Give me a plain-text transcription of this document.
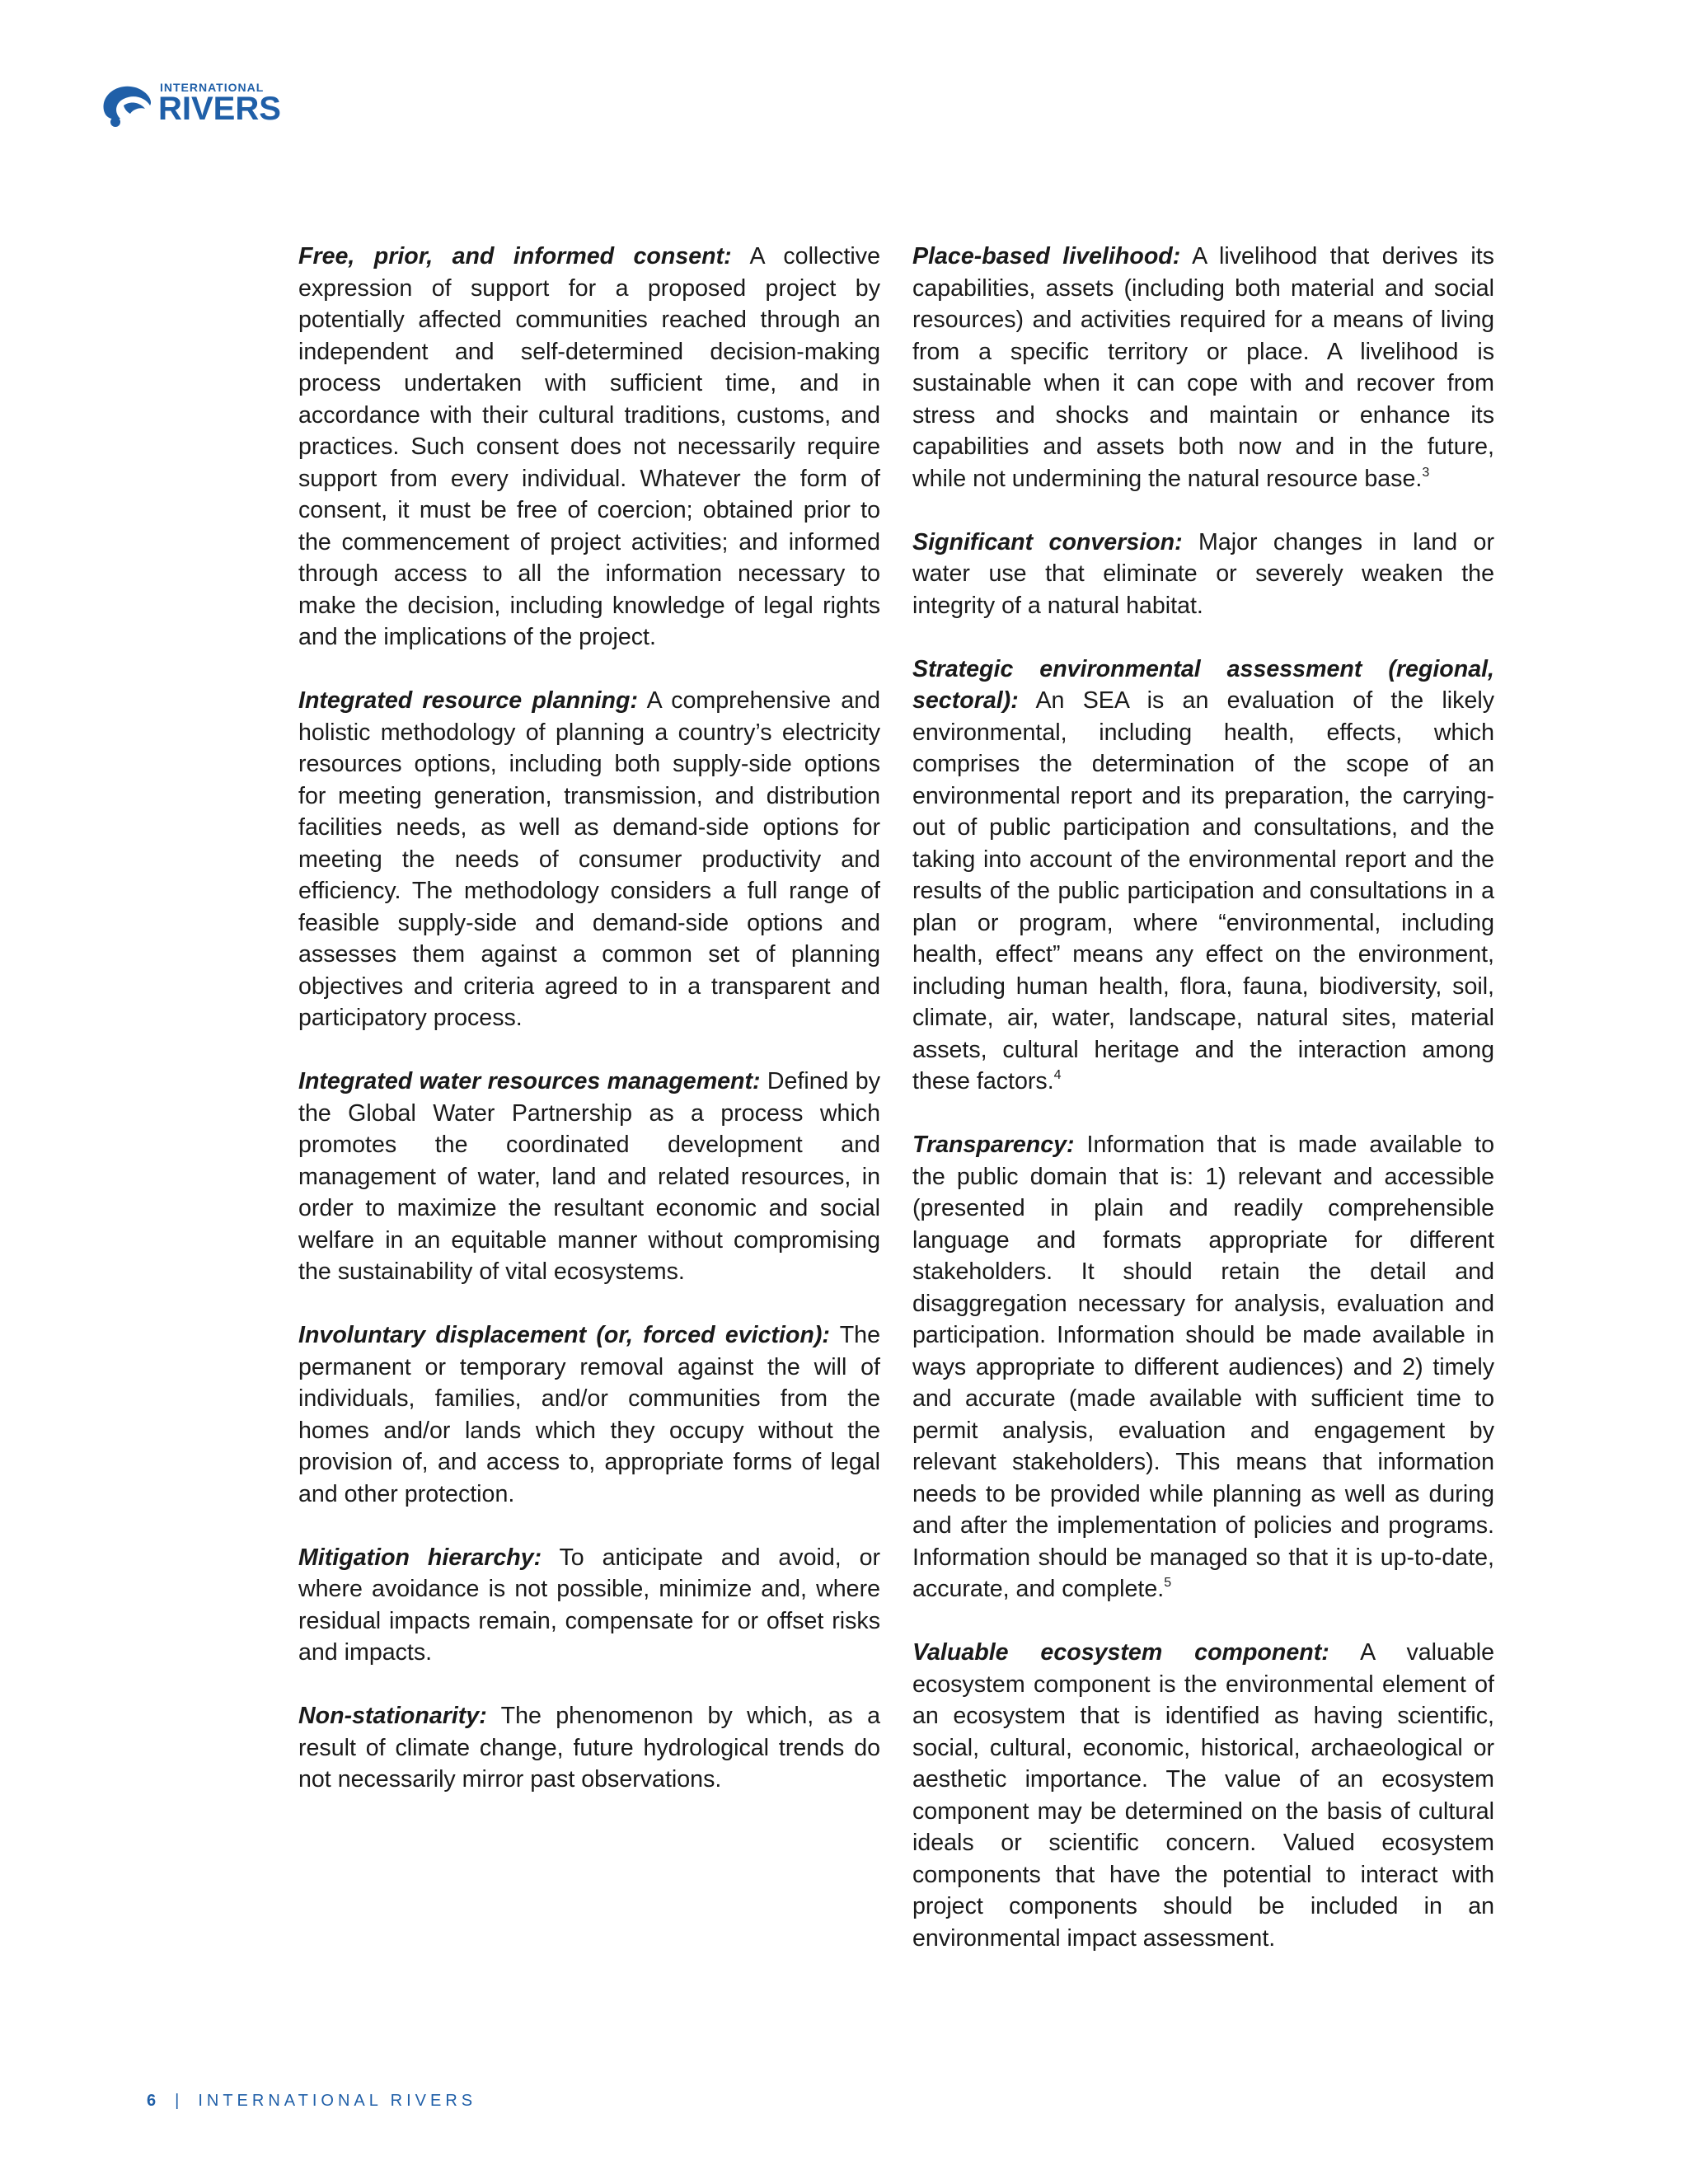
INTERNATIONAL
RIVERS

Free, prior, and informed consent: A collective expression of support for a proposed project by potentially affected communities reached through an independent and self-determined decision-making process undertaken with sufficient time, and in accordance with their cultural traditions, customs, and practices. Such consent does not necessarily require support from every individual. Whatever the form of consent, it must be free of coercion; obtained prior to the commencement of project activities; and informed through access to all the information necessary to make the decision, including knowledge of legal rights and the implications of the project.

Integrated resource planning: A comprehensive and holistic methodology of planning a country’s electricity resources options, including both supply-side options for meeting generation, transmission, and distribution facilities needs, as well as demand-side options for meeting the needs of consumer productivity and efficiency. The methodology considers a full range of feasible supply-side and demand-side options and assesses them against a common set of planning objectives and criteria agreed to in a transparent and participatory process.

Integrated water resources management: Defined by the Global Water Partnership as a process which promotes the coordinated development and management of water, land and related resources, in order to maximize the resultant economic and social welfare in an equitable manner without compromising the sustainability of vital ecosystems.

Involuntary displacement (or, forced eviction): The permanent or temporary removal against the will of individuals, families, and/or communities from the homes and/or lands which they occupy without the provision of, and access to, appropriate forms of legal and other protection.

Mitigation hierarchy: To anticipate and avoid, or where avoidance is not possible, minimize and, where residual impacts remain, compensate for or offset risks and impacts.

Non-stationarity: The phenomenon by which, as a result of climate change, future hydrological trends do not necessarily mirror past observations.

Place-based livelihood: A livelihood that derives its capabilities, assets (including both material and social resources) and activities required for a means of living from a specific territory or place. A livelihood is sustainable when it can cope with and recover from stress and shocks and maintain or enhance its capabilities and assets both now and in the future, while not undermining the natural resource base.$^3$

Significant conversion: Major changes in land or water use that eliminate or severely weaken the integrity of a natural habitat.

Strategic environmental assessment (regional, sectoral): An SEA is an evaluation of the likely environmental, including health, effects, which comprises the determination of the scope of an environmental report and its preparation, the carrying-out of public participation and consultations, and the taking into account of the environmental report and the results of the public participation and consultations in a plan or program, where “environmental, including health, effect” means any effect on the environment, including human health, flora, fauna, biodiversity, soil, climate, air, water, landscape, natural sites, material assets, cultural heritage and the interaction among these factors.$^4$

Transparency: Information that is made available to the public domain that is: 1) relevant and accessible (presented in plain and readily comprehensible language and formats appropriate for different stakeholders. It should retain the detail and disaggregation necessary for analysis, evaluation and participation. Information should be made available in ways appropriate to different audiences) and 2) timely and accurate (made available with sufficient time to permit analysis, evaluation and engagement by relevant stakeholders). This means that information needs to be provided while planning as well as during and after the implementation of policies and programs. Information should be managed so that it is up-to-date, accurate, and complete.$^5$

Valuable ecosystem component: A valuable ecosystem component is the environmental element of an ecosystem that is identified as having scientific, social, cultural, economic, historical, archaeological or aesthetic importance. The value of an ecosystem component may be determined on the basis of cultural ideals or scientific concern. Valued ecosystem components that have the potential to interact with project components should be included in an environmental impact assessment.

6 | INTERNATIONAL RIVERS
